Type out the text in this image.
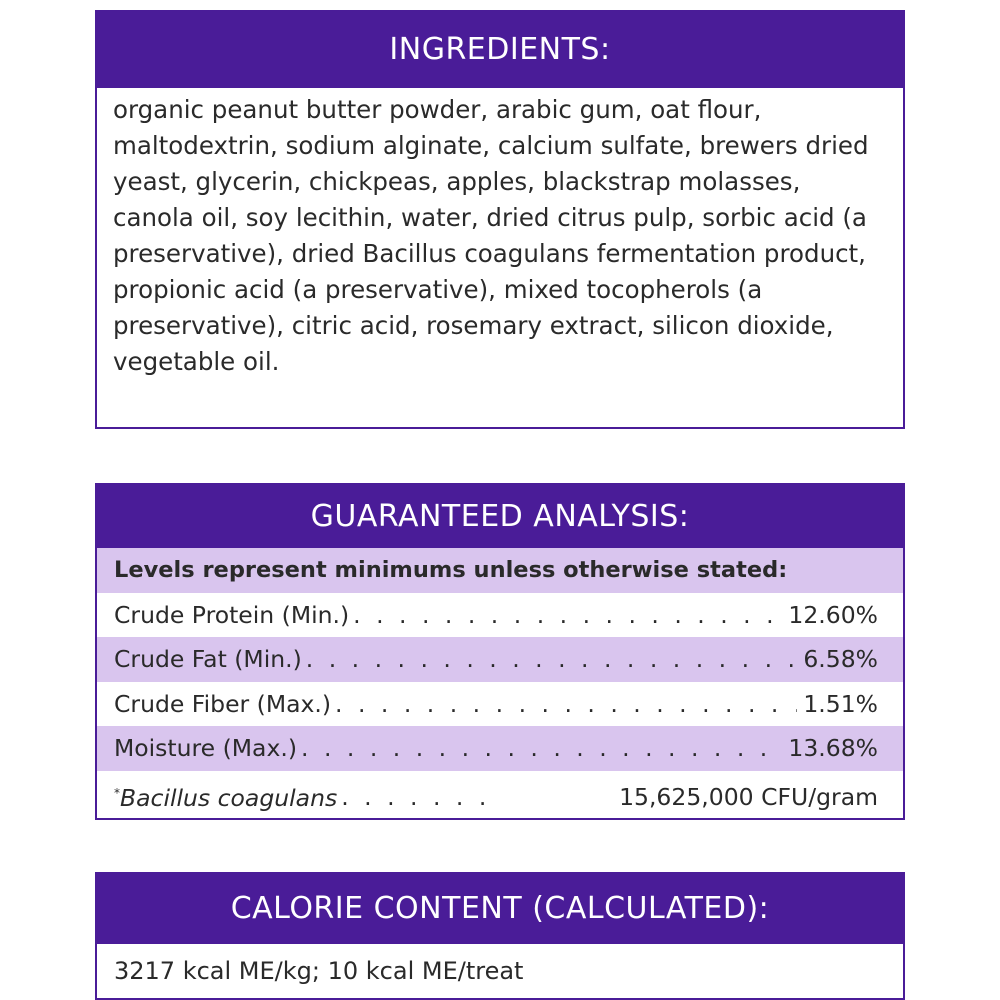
INGREDIENTS:
organic peanut butter powder, arabic gum, oat flour, maltodextrin, sodium alginate, calcium sulfate, brewers dried yeast, glycerin, chickpeas, apples, blackstrap molasses, canola oil, soy lecithin, water, dried citrus pulp, sorbic acid (a preservative), dried Bacillus coagulans fermentation product, propionic acid (a preservative), mixed tocopherols (a preservative), citric acid, rosemary extract, silicon dioxide, vegetable oil.
GUARANTEED ANALYSIS:
Levels represent minimums unless otherwise stated:
Crude Protein (Min.) . . .	12.60%
Crude Fat (Min.) . . .	6.58%
Crude Fiber (Max.) . . .	1.51%
Moisture (Max.) . . .	13.68%
*Bacillus coagulans . . .	15,625,000 CFU/gram
CALORIE CONTENT (CALCULATED):
3217 kcal ME/kg; 10 kcal ME/treat
